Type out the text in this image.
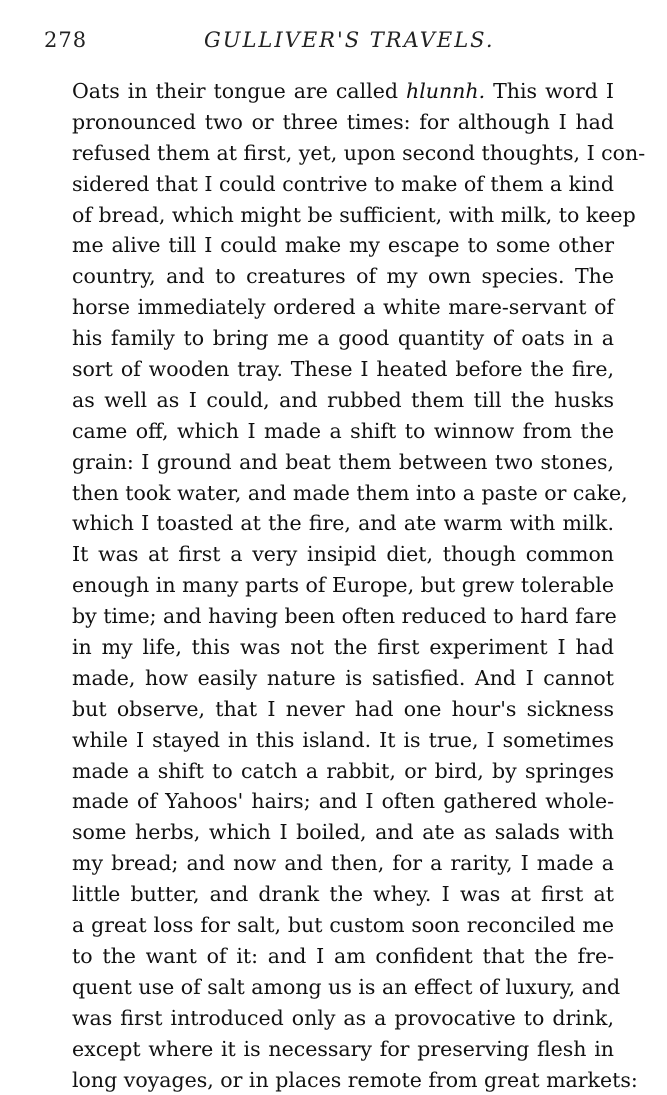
278	GULLIVER'S TRAVELS.
Oats in their tongue are called hlunnh. This word I
pronounced two or three times: for although I had
refused them at first, yet, upon second thoughts, I con-
sidered that I could contrive to make of them a kind
of bread, which might be sufficient, with milk, to keep
me alive till I could make my escape to some other
country, and to creatures of my own species. The
horse immediately ordered a white mare-servant of
his family to bring me a good quantity of oats in a
sort of wooden tray. These I heated before the fire,
as well as I could, and rubbed them till the husks
came off, which I made a shift to winnow from the
grain: I ground and beat them between two stones,
then took water, and made them into a paste or cake,
which I toasted at the fire, and ate warm with milk.
It was at first a very insipid diet, though common
enough in many parts of Europe, but grew tolerable
by time; and having been often reduced to hard fare
in my life, this was not the first experiment I had
made, how easily nature is satisfied. And I cannot
but observe, that I never had one hour's sickness
while I stayed in this island. It is true, I sometimes
made a shift to catch a rabbit, or bird, by springes
made of Yahoos' hairs; and I often gathered whole-
some herbs, which I boiled, and ate as salads with
my bread; and now and then, for a rarity, I made a
little butter, and drank the whey. I was at first at
a great loss for salt, but custom soon reconciled me
to the want of it: and I am confident that the fre-
quent use of salt among us is an effect of luxury, and
was first introduced only as a provocative to drink,
except where it is necessary for preserving flesh in
long voyages, or in places remote from great markets:
